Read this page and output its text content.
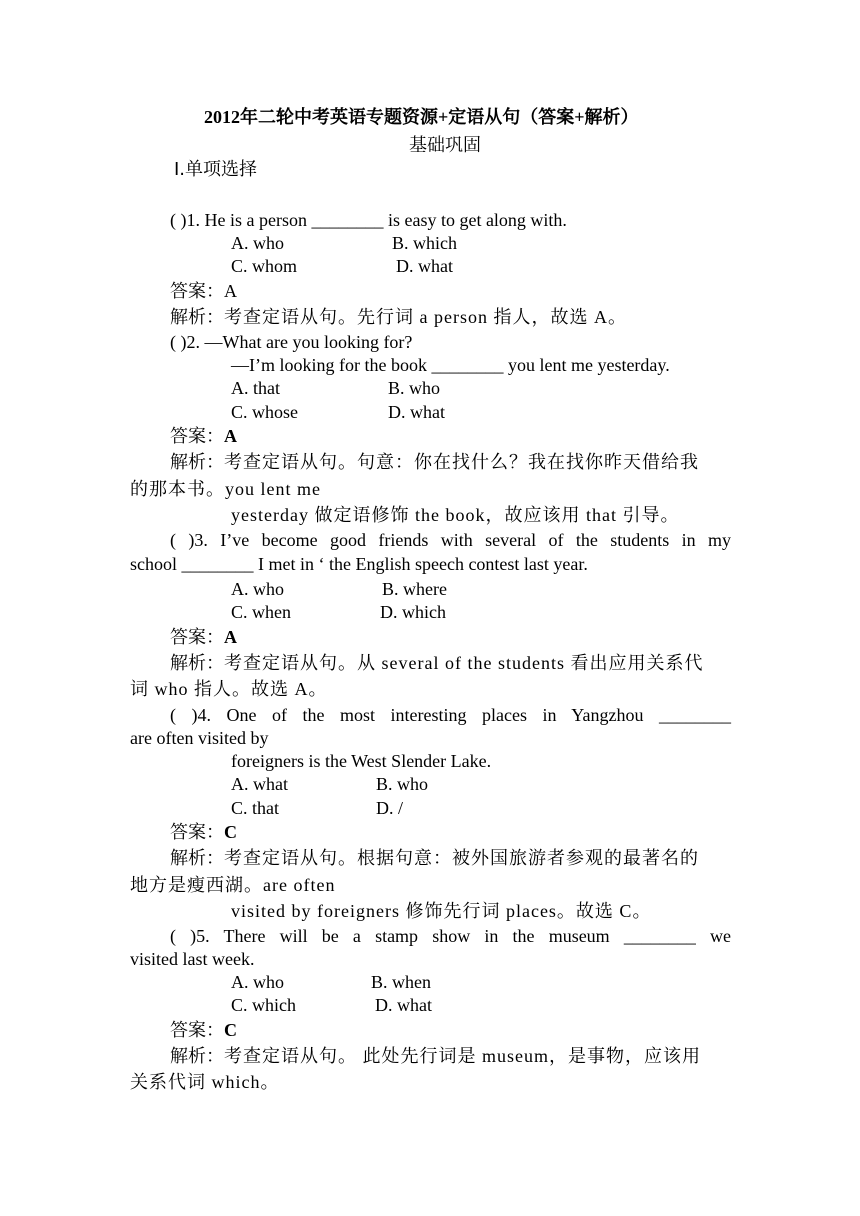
2012年二轮中考英语专题资源+定语从句（答案+解析）
基础巩固
Ⅰ.单项选择
( )1. He is a person ________ is easy to get along with.
A. who	B. which
C. whom	D. what
答案：A
解析：考查定语从句。先行词 a person 指人，故选 A。
( )2. —What are you looking for?
—I’m looking for the book ________ you lent me yesterday.
A. that	B. who
C. whose	D. what
答案：A
解析：考查定语从句。句意：你在找什么？我在找你昨天借给我
的那本书。you lent me
yesterday 做定语修饰 the book，故应该用 that 引导。
( )3. I’ve become good friends with several of the students in my
school ________ I met in ‘ the English speech contest last year.
A. who	B. where
C. when	D. which
答案：A
解析：考查定语从句。从 several of the students 看出应用关系代
词 who 指人。故选 A。
( )4. One of the most interesting places in Yangzhou ________
are often visited by
foreigners is the West Slender Lake.
A. what	B. who
C. that	D. /
答案：C
解析：考查定语从句。根据句意：被外国旅游者参观的最著名的
地方是瘦西湖。are often
visited by foreigners 修饰先行词 places。故选 C。
( )5. There will be a stamp show in the museum ________ we
visited last week.
A. who	B. when
C. which	D. what
答案：C
解析：考查定语从句。 此处先行词是 museum，是事物，应该用
关系代词 which。
